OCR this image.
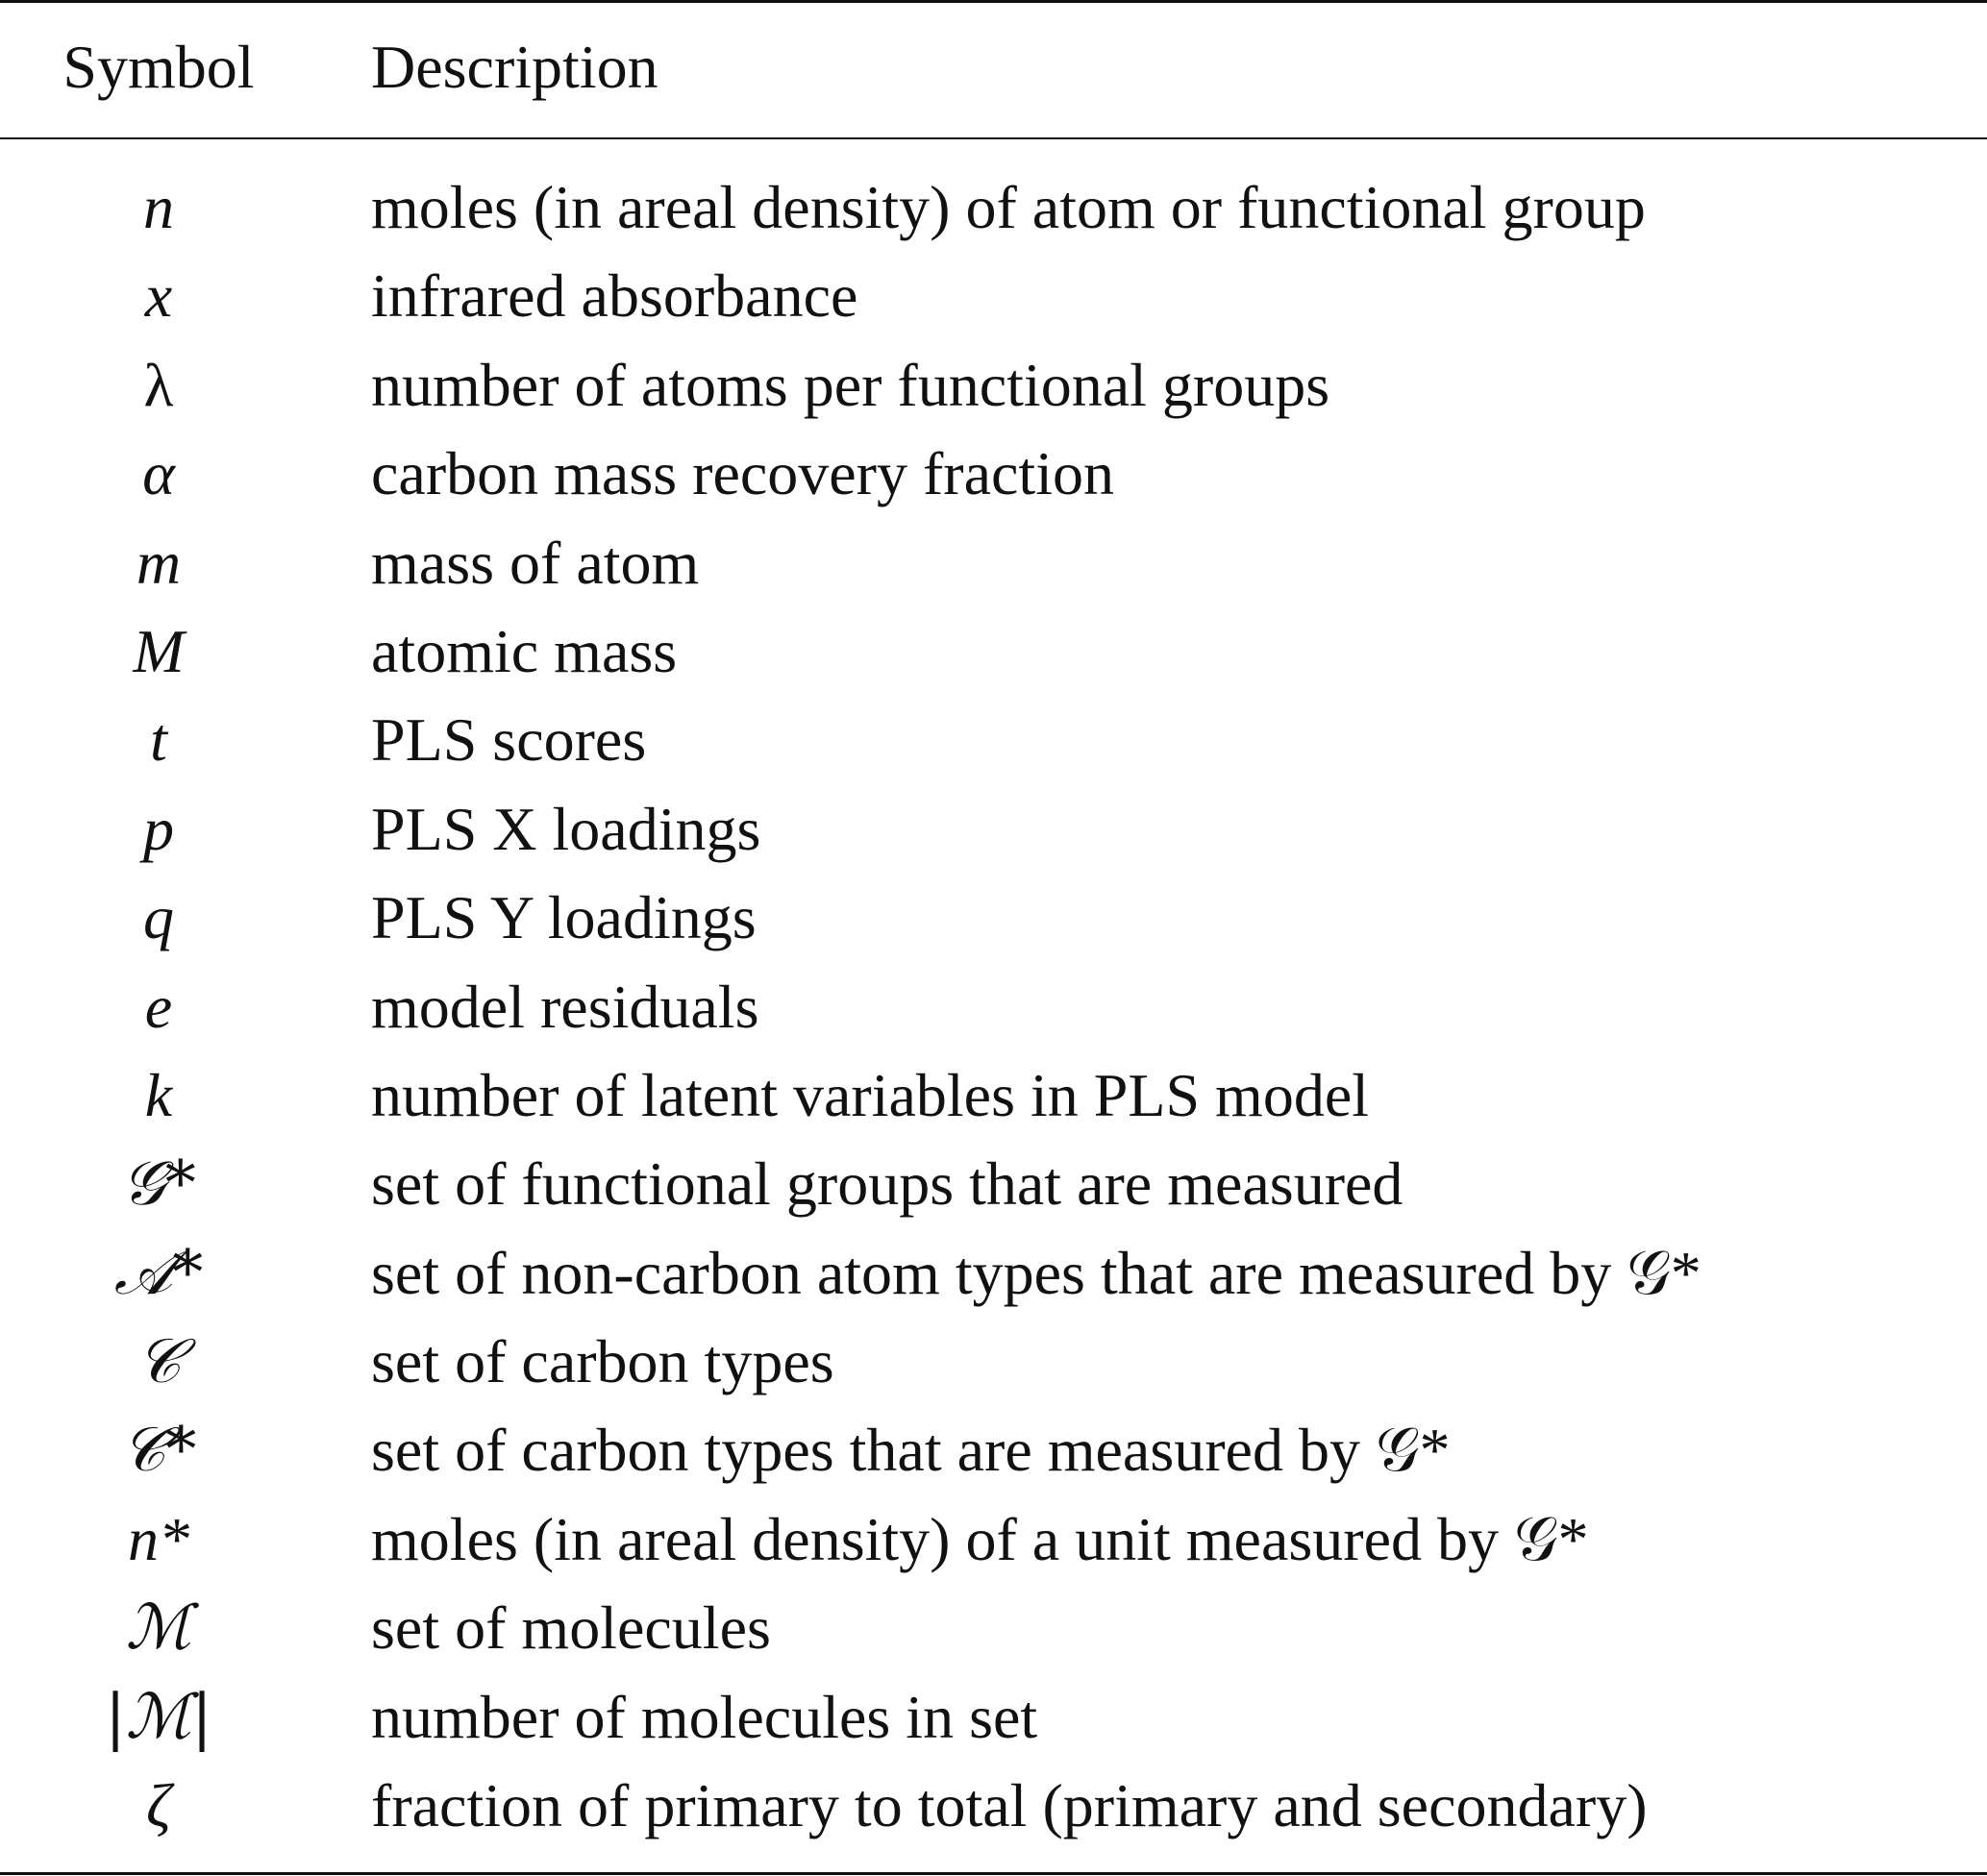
Symbol	Description
n	moles (in areal density) of atom or functional group
x	infrared absorbance
λ	number of atoms per functional groups
α	carbon mass recovery fraction
m	mass of atom
M	atomic mass
t	PLS scores
p	PLS X loadings
q	PLS Y loadings
e	model residuals
k	number of latent variables in PLS model
𝒢*	set of functional groups that are measured
𝒜*	set of non-carbon atom types that are measured by 𝒢*
𝒞	set of carbon types
𝒞*	set of carbon types that are measured by 𝒢*
n*	moles (in areal density) of a unit measured by 𝒢*
ℳ	set of molecules
|ℳ|	number of molecules in set
ζ	fraction of primary to total (primary and secondary)
